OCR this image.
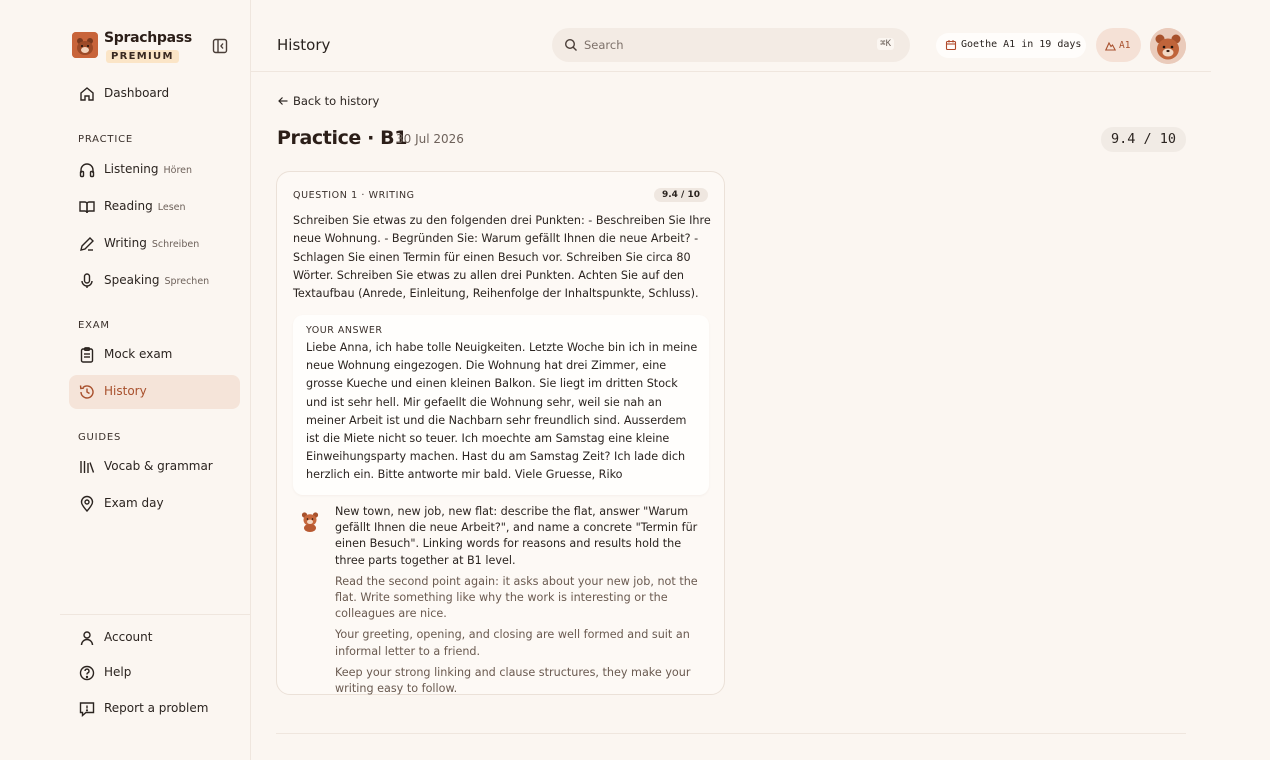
Sprachpass
PREMIUM
Dashboard
PRACTICE
Listening Hören
Reading Lesen
Writing Schreiben
Speaking Sprechen
EXAM
Mock exam
History
GUIDES
Vocab & grammar
Exam day
Account
Help
Report a problem
History
Search	⌘K	Goethe A1 in 19 days	A1
Back to history
Practice · B1
30 Jul 2026	9.4 / 10
QUESTION 1 · WRITING	9.4 / 10
Schreiben Sie etwas zu den folgenden drei Punkten: - Beschreiben Sie Ihre neue Wohnung. - Begründen Sie: Warum gefällt Ihnen die neue Arbeit? - Schlagen Sie einen Termin für einen Besuch vor. Schreiben Sie circa 80 Wörter. Schreiben Sie etwas zu allen drei Punkten. Achten Sie auf den Textaufbau (Anrede, Einleitung, Reihenfolge der Inhaltspunkte, Schluss).
YOUR ANSWER
Liebe Anna, ich habe tolle Neuigkeiten. Letzte Woche bin ich in meine neue Wohnung eingezogen. Die Wohnung hat drei Zimmer, eine grosse Kueche und einen kleinen Balkon. Sie liegt im dritten Stock und ist sehr hell. Mir gefaellt die Wohnung sehr, weil sie nah an meiner Arbeit ist und die Nachbarn sehr freundlich sind. Ausserdem ist die Miete nicht so teuer. Ich moechte am Samstag eine kleine Einweihungsparty machen. Hast du am Samstag Zeit? Ich lade dich herzlich ein. Bitte antworte mir bald. Viele Gruesse, Riko
New town, new job, new flat: describe the flat, answer "Warum gefällt Ihnen die neue Arbeit?", and name a concrete "Termin für einen Besuch". Linking words for reasons and results hold the three parts together at B1 level.
Read the second point again: it asks about your new job, not the flat. Write something like why the work is interesting or the colleagues are nice.
Your greeting, opening, and closing are well formed and suit an informal letter to a friend.
Keep your strong linking and clause structures, they make your writing easy to follow.
